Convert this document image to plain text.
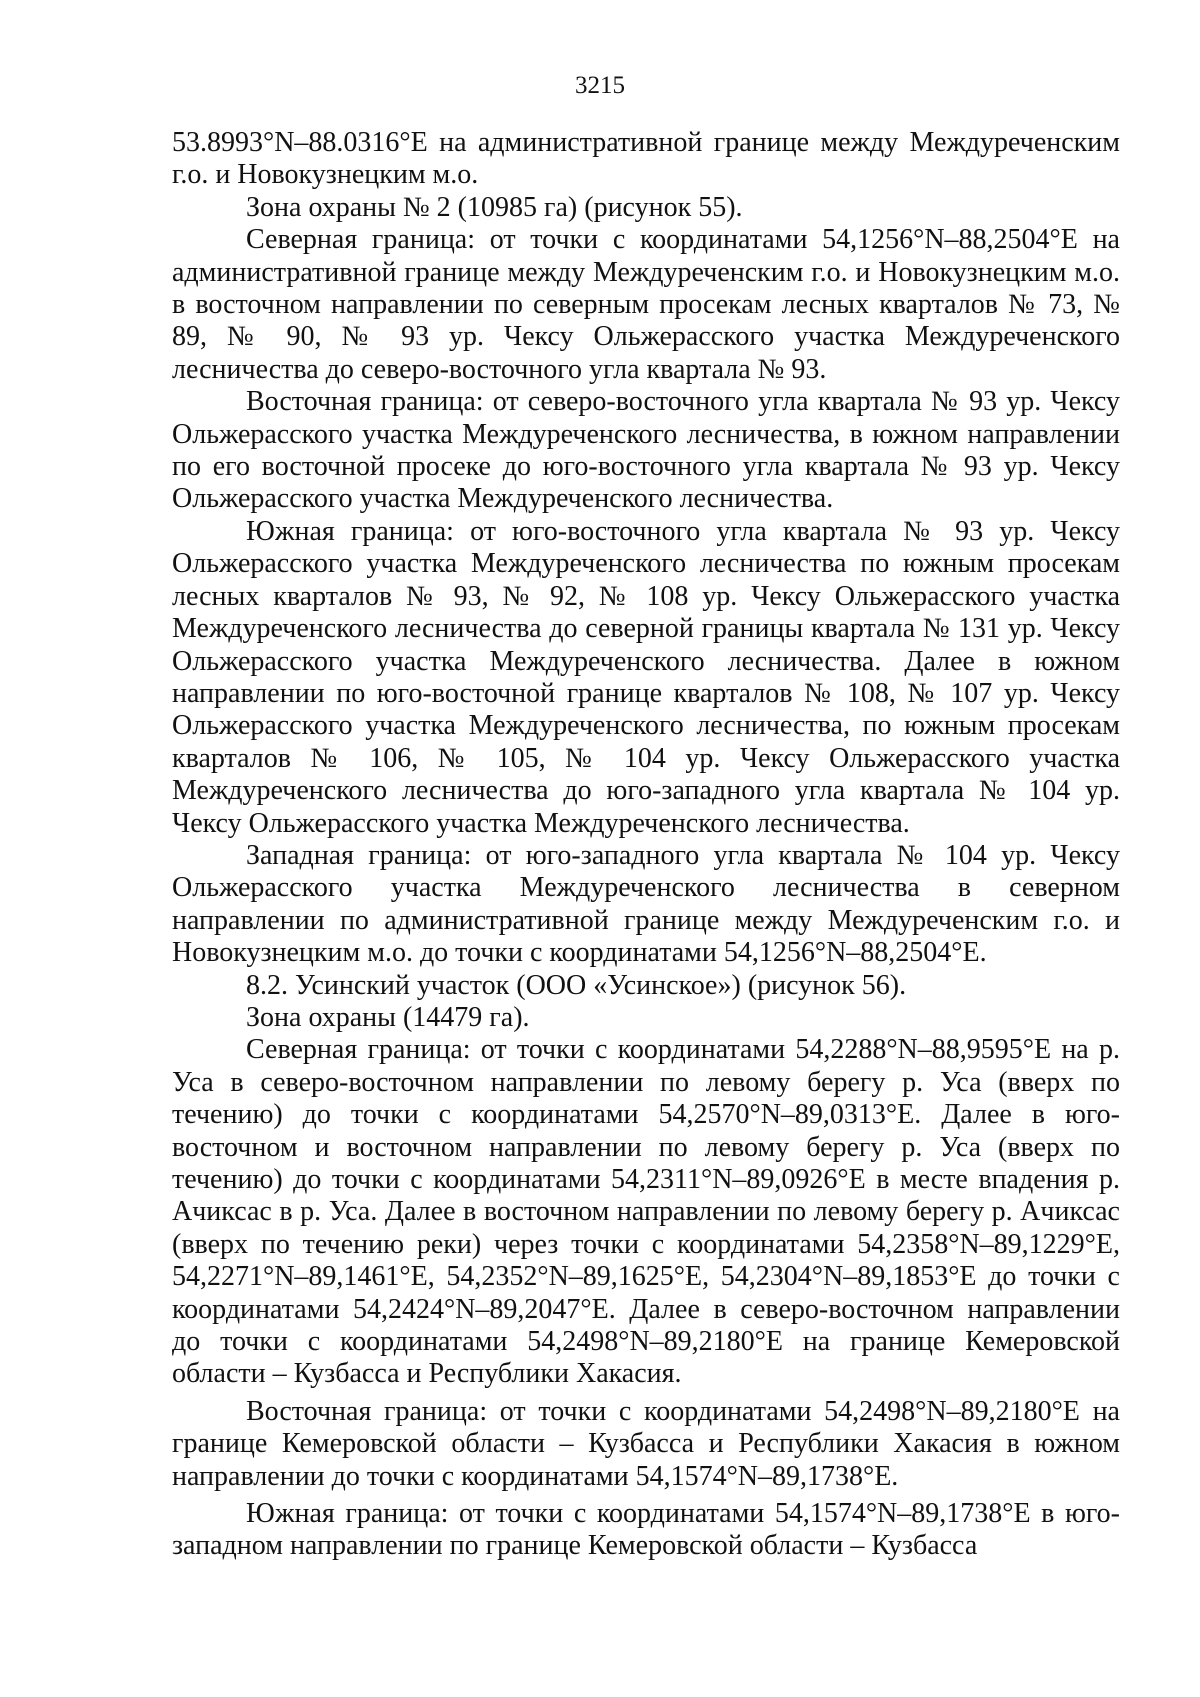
3215

53.8993°N–88.0316°E на административной границе между Междуреченским г.о. и Новокузнецким м.о.

Зона охраны № 2 (10985 га) (рисунок 55).

Северная граница: от точки с координатами 54,1256°N–88,2504°E на административной границе между Междуреченским г.о. и Новокузнецким м.о. в восточном направлении по северным просекам лесных кварталов № 73, № 89, № 90, № 93 ур. Чексу Ольжерасского участка Междуреченского лесничества до северо-восточного угла квартала № 93.

Восточная граница: от северо-восточного угла квартала № 93 ур. Чексу Ольжерасского участка Междуреченского лесничества, в южном направлении по его восточной просеке до юго-восточного угла квартала № 93 ур. Чексу Ольжерасского участка Междуреченского лесничества.

Южная граница: от юго-восточного угла квартала № 93 ур. Чексу Ольжерасского участка Междуреченского лесничества по южным просекам лесных кварталов № 93, № 92, № 108 ур. Чексу Ольжерасского участка Междуреченского лесничества до северной границы квартала № 131 ур. Чексу Ольжерасского участка Междуреченского лесничества. Далее в южном направлении по юго-восточной границе кварталов № 108, № 107 ур. Чексу Ольжерасского участка Междуреченского лесничества, по южным просекам кварталов № 106, № 105, № 104 ур. Чексу Ольжерасского участка Междуреченского лесничества до юго-западного угла квартала № 104 ур. Чексу Ольжерасского участка Междуреченского лесничества.

Западная граница: от юго-западного угла квартала № 104 ур. Чексу Ольжерасского участка Междуреченского лесничества в северном направлении по административной границе между Междуреченским г.о. и Новокузнецким м.о. до точки с координатами 54,1256°N–88,2504°E.

8.2. Усинский участок (ООО «Усинское») (рисунок 56).

Зона охраны (14479 га).

Северная граница: от точки с координатами 54,2288°N–88,9595°E на р. Уса в северо-восточном направлении по левому берегу р. Уса (вверх по течению) до точки с координатами 54,2570°N–89,0313°E. Далее в юго-восточном и восточном направлении по левому берегу р. Уса (вверх по течению) до точки с координатами 54,2311°N–89,0926°E в месте впадения р. Ачиксас в р. Уса. Далее в восточном направлении по левому берегу р. Ачиксас (вверх по течению реки) через точки с координатами 54,2358°N–89,1229°E, 54,2271°N–89,1461°E, 54,2352°N–89,1625°E, 54,2304°N–89,1853°E до точки с координатами 54,2424°N–89,2047°E. Далее в северо-восточном направлении до точки с координатами 54,2498°N–89,2180°E на границе Кемеровской области – Кузбасса и Республики Хакасия.

Восточная граница: от точки с координатами 54,2498°N–89,2180°E на границе Кемеровской области – Кузбасса и Республики Хакасия в южном направлении до точки с координатами 54,1574°N–89,1738°E.

Южная граница: от точки с координатами 54,1574°N–89,1738°E в юго-западном направлении по границе Кемеровской области – Кузбасса
